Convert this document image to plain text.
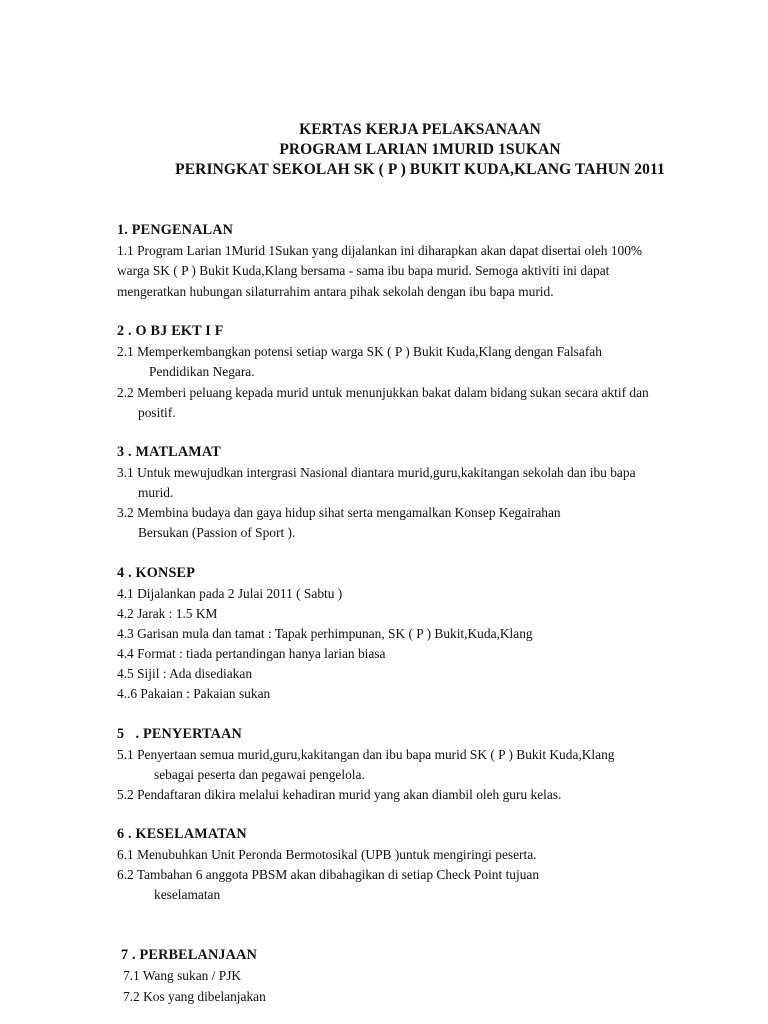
KERTAS KERJA PELAKSANAAN
PROGRAM LARIAN 1MURID 1SUKAN
PERINGKAT SEKOLAH SK ( P ) BUKIT KUDA,KLANG TAHUN 2011
1. PENGENALAN
1.1 Program Larian 1Murid 1Sukan yang dijalankan ini diharapkan akan dapat disertai oleh 100%
warga SK ( P ) Bukit Kuda,Klang bersama - sama ibu bapa murid. Semoga aktiviti ini dapat
mengeratkan hubungan silaturrahim antara pihak sekolah dengan ibu bapa murid.
2 . O BJ EKT I F
2.1 Memperkembangkan potensi setiap warga SK ( P ) Bukit Kuda,Klang dengan Falsafah
Pendidikan Negara.
2.2 Memberi peluang kepada murid untuk menunjukkan bakat dalam bidang sukan secara aktif dan
positif.
3 . MATLAMAT
3.1 Untuk mewujudkan intergrasi Nasional diantara murid,guru,kakitangan sekolah dan ibu bapa
murid.
3.2 Membina budaya dan gaya hidup sihat serta mengamalkan Konsep Kegairahan
Bersukan (Passion of Sport ).
4 . KONSEP
4.1 Dijalankan pada 2 Julai 2011 ( Sabtu )
4.2 Jarak : 1.5 KM
4.3 Garisan mula dan tamat : Tapak perhimpunan, SK ( P ) Bukit,Kuda,Klang
4.4 Format : tiada pertandingan hanya larian biasa
4.5 Sijil : Ada disediakan
4..6 Pakaian : Pakaian sukan
5   . PENYERTAAN
5.1 Penyertaan semua murid,guru,kakitangan dan ibu bapa murid SK ( P ) Bukit Kuda,Klang
sebagai peserta dan pegawai pengelola.
5.2 Pendaftaran dikira melalui kehadiran murid yang akan diambil oleh guru kelas.
6 . KESELAMATAN
6.1 Menubuhkan Unit Peronda Bermotosikal (UPB )untuk mengiringi peserta.
6.2 Tambahan 6 anggota PBSM akan dibahagikan di setiap Check Point tujuan
keselamatan
7 . PERBELANJAAN
7.1 Wang sukan / PJK
7.2 Kos yang dibelanjakan
